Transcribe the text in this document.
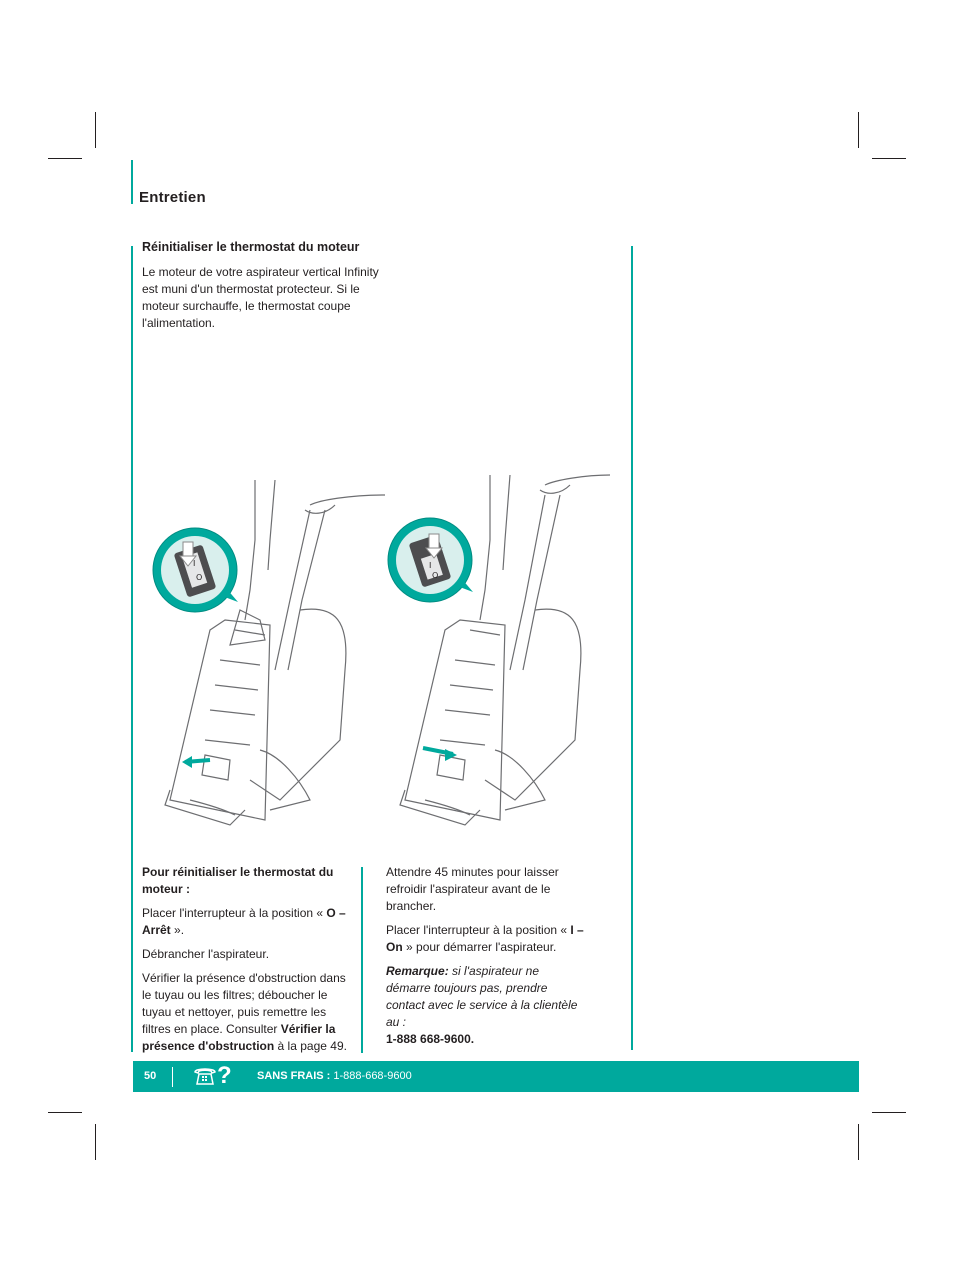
Entretien
Réinitialiser le thermostat du moteur
Le moteur de votre aspirateur vertical Infinity est muni d'un thermostat protecteur. Si le moteur surchauffe, le thermostat coupe l'alimentation.
I
O
I
O

Pour réinitialiser le thermostat du moteur :

Placer l'interrupteur à la position « O – Arrêt ».

Débrancher l'aspirateur.

Vérifier la présence d'obstruction dans le tuyau ou les filtres; déboucher le tuyau et nettoyer, puis remettre les filtres en place. Consulter Vérifier la présence d'obstruction à la page 49.

Attendre 45 minutes pour laisser refroidir l'aspirateur avant de le brancher.

Placer l'interrupteur à la position « I – On » pour démarrer l'aspirateur.

Remarque: si l'aspirateur ne démarre toujours pas, prendre contact avec le service à la clientèle au :
1-888 668-9600.

50	? SANS FRAIS : 1-888-668-9600
